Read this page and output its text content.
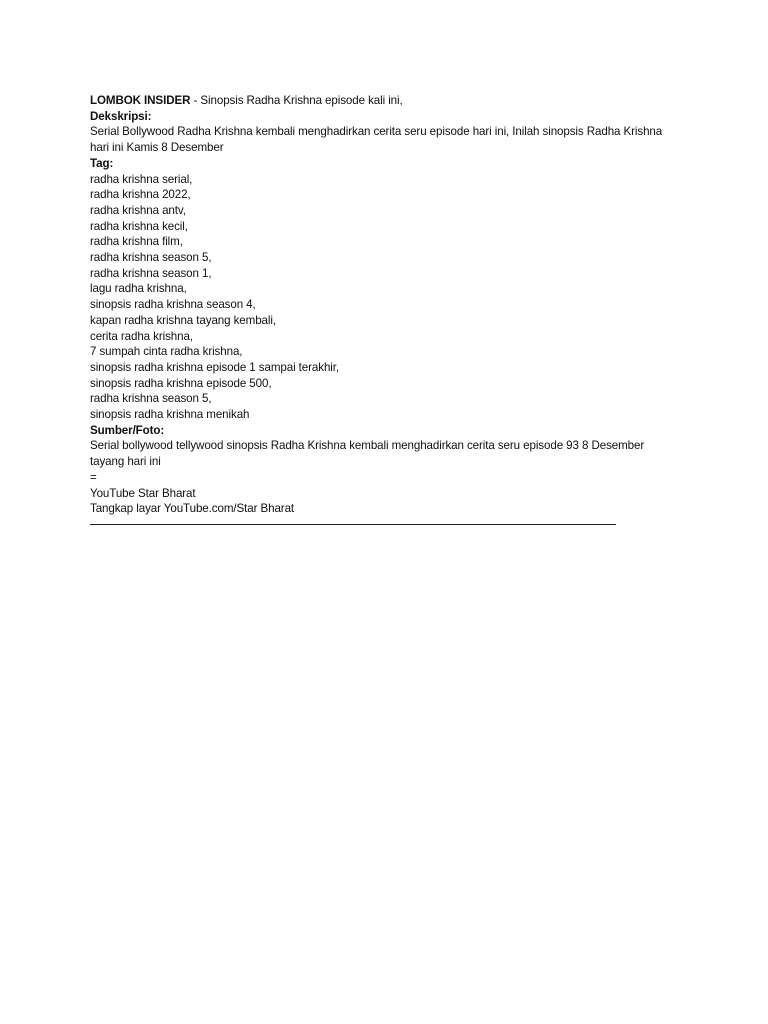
LOMBOK INSIDER - Sinopsis Radha Krishna episode kali ini,
Dekskripsi:
Serial Bollywood Radha Krishna kembali menghadirkan cerita seru episode hari ini, Inilah sinopsis Radha Krishna hari ini Kamis 8 Desember
Tag:
radha krishna serial,
radha krishna 2022,
radha krishna antv,
radha krishna kecil,
radha krishna film,
radha krishna season 5,
radha krishna season 1,
lagu radha krishna,
sinopsis radha krishna season 4,
kapan radha krishna tayang kembali,
cerita radha krishna,
7 sumpah cinta radha krishna,
sinopsis radha krishna episode 1 sampai terakhir,
sinopsis radha krishna episode 500,
radha krishna season 5,
sinopsis radha krishna menikah
Sumber/Foto:
Serial bollywood tellywood sinopsis Radha Krishna kembali menghadirkan cerita seru episode 93 8 Desember tayang hari ini
=
YouTube Star Bharat
Tangkap layar YouTube.com/Star Bharat
